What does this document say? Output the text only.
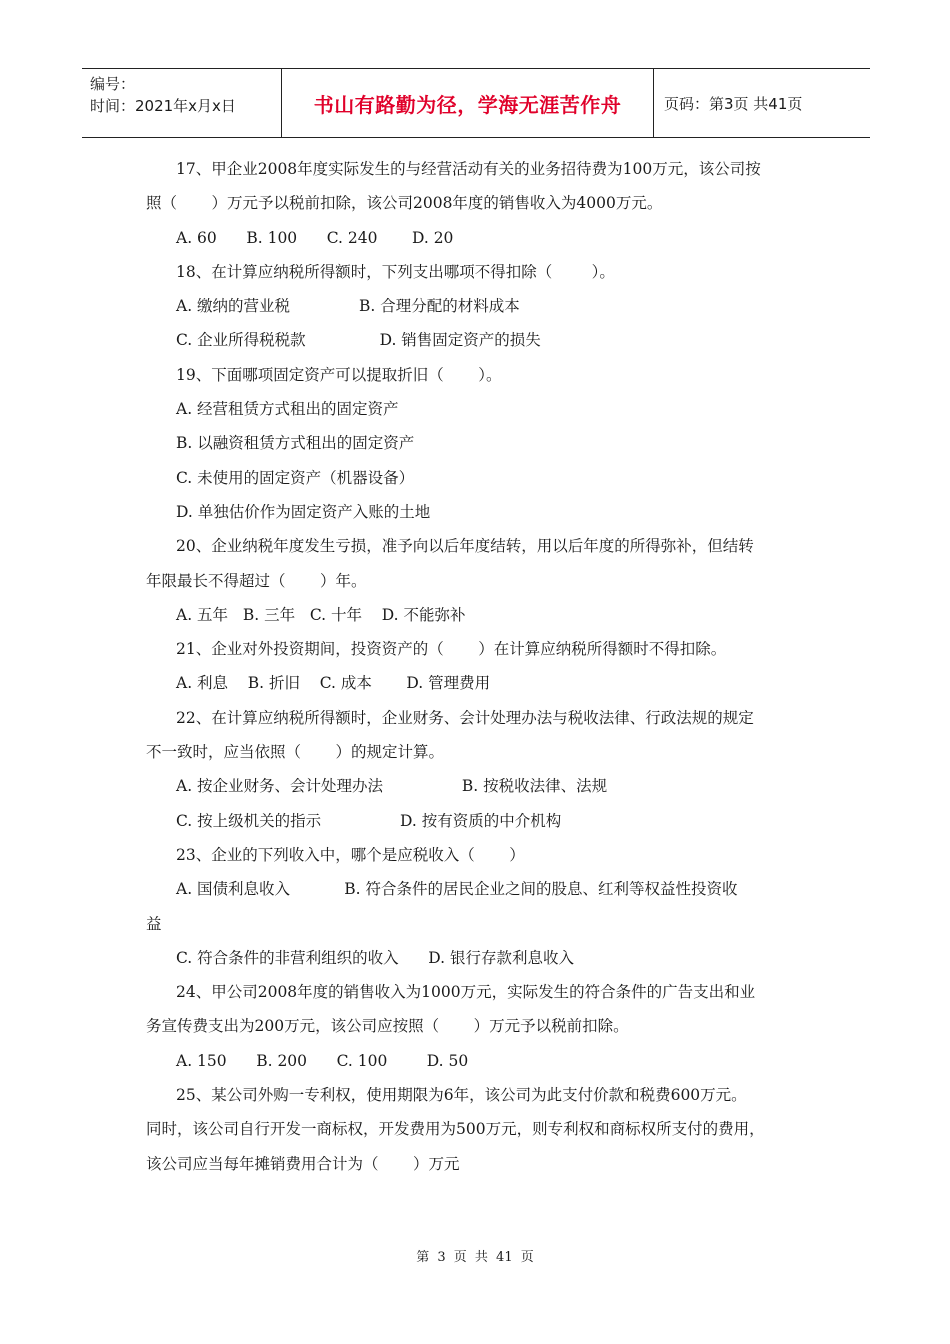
编号：
时间：2021年x月x日	书山有路勤为径，学海无涯苦作舟	页码：第3页 共41页
17、甲企业2008年度实际发生的与经营活动有关的业务招待费为100万元，该公司按
照（       ）万元予以税前扣除，该公司2008年度的销售收入为4000万元。
A. 60      B. 100      C. 240       D. 20
18、在计算应纳税所得额时，下列支出哪项不得扣除（        ）。
A. 缴纳的营业税              B. 合理分配的材料成本
C. 企业所得税税款               D. 销售固定资产的损失
19、下面哪项固定资产可以提取折旧（       ）。
A. 经营租赁方式租出的固定资产
B. 以融资租赁方式租出的固定资产
C. 未使用的固定资产（机器设备）
D. 单独估价作为固定资产入账的土地
20、企业纳税年度发生亏损，准予向以后年度结转，用以后年度的所得弥补，但结转
年限最长不得超过（       ）年。
A. 五年   B. 三年   C. 十年    D. 不能弥补
21、企业对外投资期间，投资资产的（       ）在计算应纳税所得额时不得扣除。
A. 利息    B. 折旧    C. 成本       D. 管理费用
22、在计算应纳税所得额时，企业财务、会计处理办法与税收法律、行政法规的规定
不一致时，应当依照（       ）的规定计算。
A. 按企业财务、会计处理办法                B. 按税收法律、法规
C. 按上级机关的指示                D. 按有资质的中介机构
23、企业的下列收入中，哪个是应税收入（       ）
A. 国债利息收入           B. 符合条件的居民企业之间的股息、红利等权益性投资收
益
C. 符合条件的非营利组织的收入      D. 银行存款利息收入
24、甲公司2008年度的销售收入为1000万元，实际发生的符合条件的广告支出和业
务宣传费支出为200万元，该公司应按照（       ）万元予以税前扣除。
A. 150      B. 200      C. 100        D. 50
25、某公司外购一专利权，使用期限为6年，该公司为此支付价款和税费600万元。
同时，该公司自行开发一商标权，开发费用为500万元，则专利权和商标权所支付的费用，
该公司应当每年摊销费用合计为（       ）万元
第 3 页 共 41 页
